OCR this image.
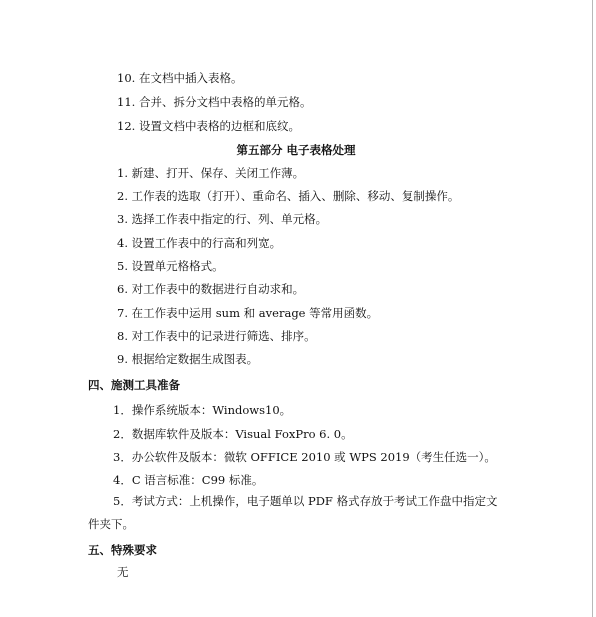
10. 在文档中插入表格。
11. 合并、拆分文档中表格的单元格。
12. 设置文档中表格的边框和底纹。
第五部分 电子表格处理
1. 新建、打开、保存、关闭工作薄。
2. 工作表的选取（打开）、重命名、插入、删除、移动、复制操作。
3. 选择工作表中指定的行、列、单元格。
4. 设置工作表中的行高和列宽。
5. 设置单元格格式。
6. 对工作表中的数据进行自动求和。
7. 在工作表中运用 sum 和 average 等常用函数。
8. 对工作表中的记录进行筛选、排序。
9. 根据给定数据生成图表。
四、施测工具准备
1．操作系统版本：Windows10。
2．数据库软件及版本：Visual FoxPro 6. 0。
3．办公软件及版本：微软 OFFICE 2010 或 WPS 2019（考生任选一）。
4．C 语言标准：C99 标准。
5．考试方式：上机操作，电子题单以 PDF 格式存放于考试工作盘中指定文
件夹下。
五、特殊要求
无
